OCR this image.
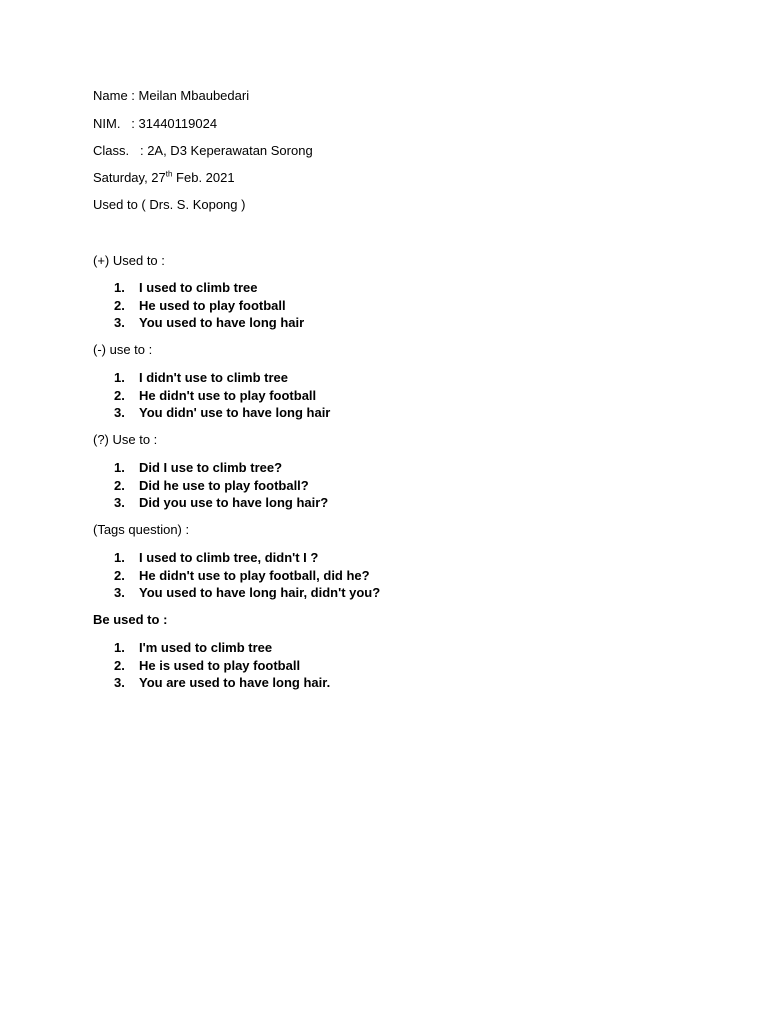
Name : Meilan Mbaubedari
NIM.   : 31440119024
Class.   : 2A, D3 Keperawatan Sorong
Saturday, 27th Feb. 2021
Used to ( Drs. S. Kopong )
(+) Used to :
1. I used to climb tree
2. He used to play football
3. You used to have long hair
(-) use to :
1. I didn't use to climb tree
2. He didn't use to play football
3. You didn' use to have long hair
(?) Use to :
1. Did I use to climb tree?
2. Did he use to play football?
3. Did you use to have long hair?
(Tags question) :
1. I used to climb tree, didn't I ?
2. He didn't use to play football, did he?
3. You used to have long hair, didn't you?
Be used to :
1. I'm used to climb tree
2. He is used to play football
3. You are used to have long hair.
